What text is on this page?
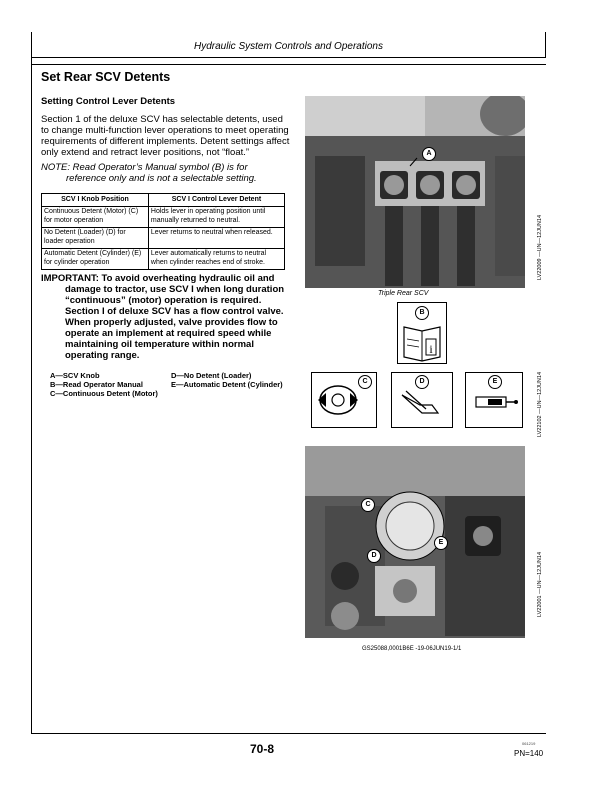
Hydraulic System Controls and Operations
Set Rear SCV Detents
Setting Control Lever Detents
Section 1 of the deluxe SCV has selectable detents, used to change multi-function lever operations to meet operating requirements of different implements. Detent settings affect only extend and retract lever positions, not “float.”
NOTE: Read Operator’s Manual symbol (B) is for
reference only and is not a selectable setting.
SCV I Knob Position	SCV I Control Lever Detent
Continuous Detent (Motor) (C) for motor operation	Holds lever in operating position until manually returned to neutral.
No Detent (Loader) (D) for loader operation	Lever returns to neutral when released.
Automatic Detent (Cylinder) (E) for cylinder operation	Lever automatically returns to neutral when cylinder reaches end of stroke.
IMPORTANT: To avoid overheating hydraulic oil and
damage to tractor, use SCV I when long duration “continuous” (motor) operation is required. Section I of deluxe SCV has a flow control valve. When properly adjusted, valve provides flow to operate an implement at required speed while maintaining oil temperature within normal operating range.
A—SCV Knob
B—Read Operator Manual
C—Continuous Detent (Motor)
D—No Detent (Loader)
E—Automatic Detent (Cylinder)
A
LV22009 —UN—12JUN14
Triple Rear SCV
i
B
C	D	E	LV22102 —UN—12JUN14
C
D
E
LV22001 —UN—12JUN14
GS25088,0001B6E -19-06JUN19-1/1
70-8	061219
PN=140
